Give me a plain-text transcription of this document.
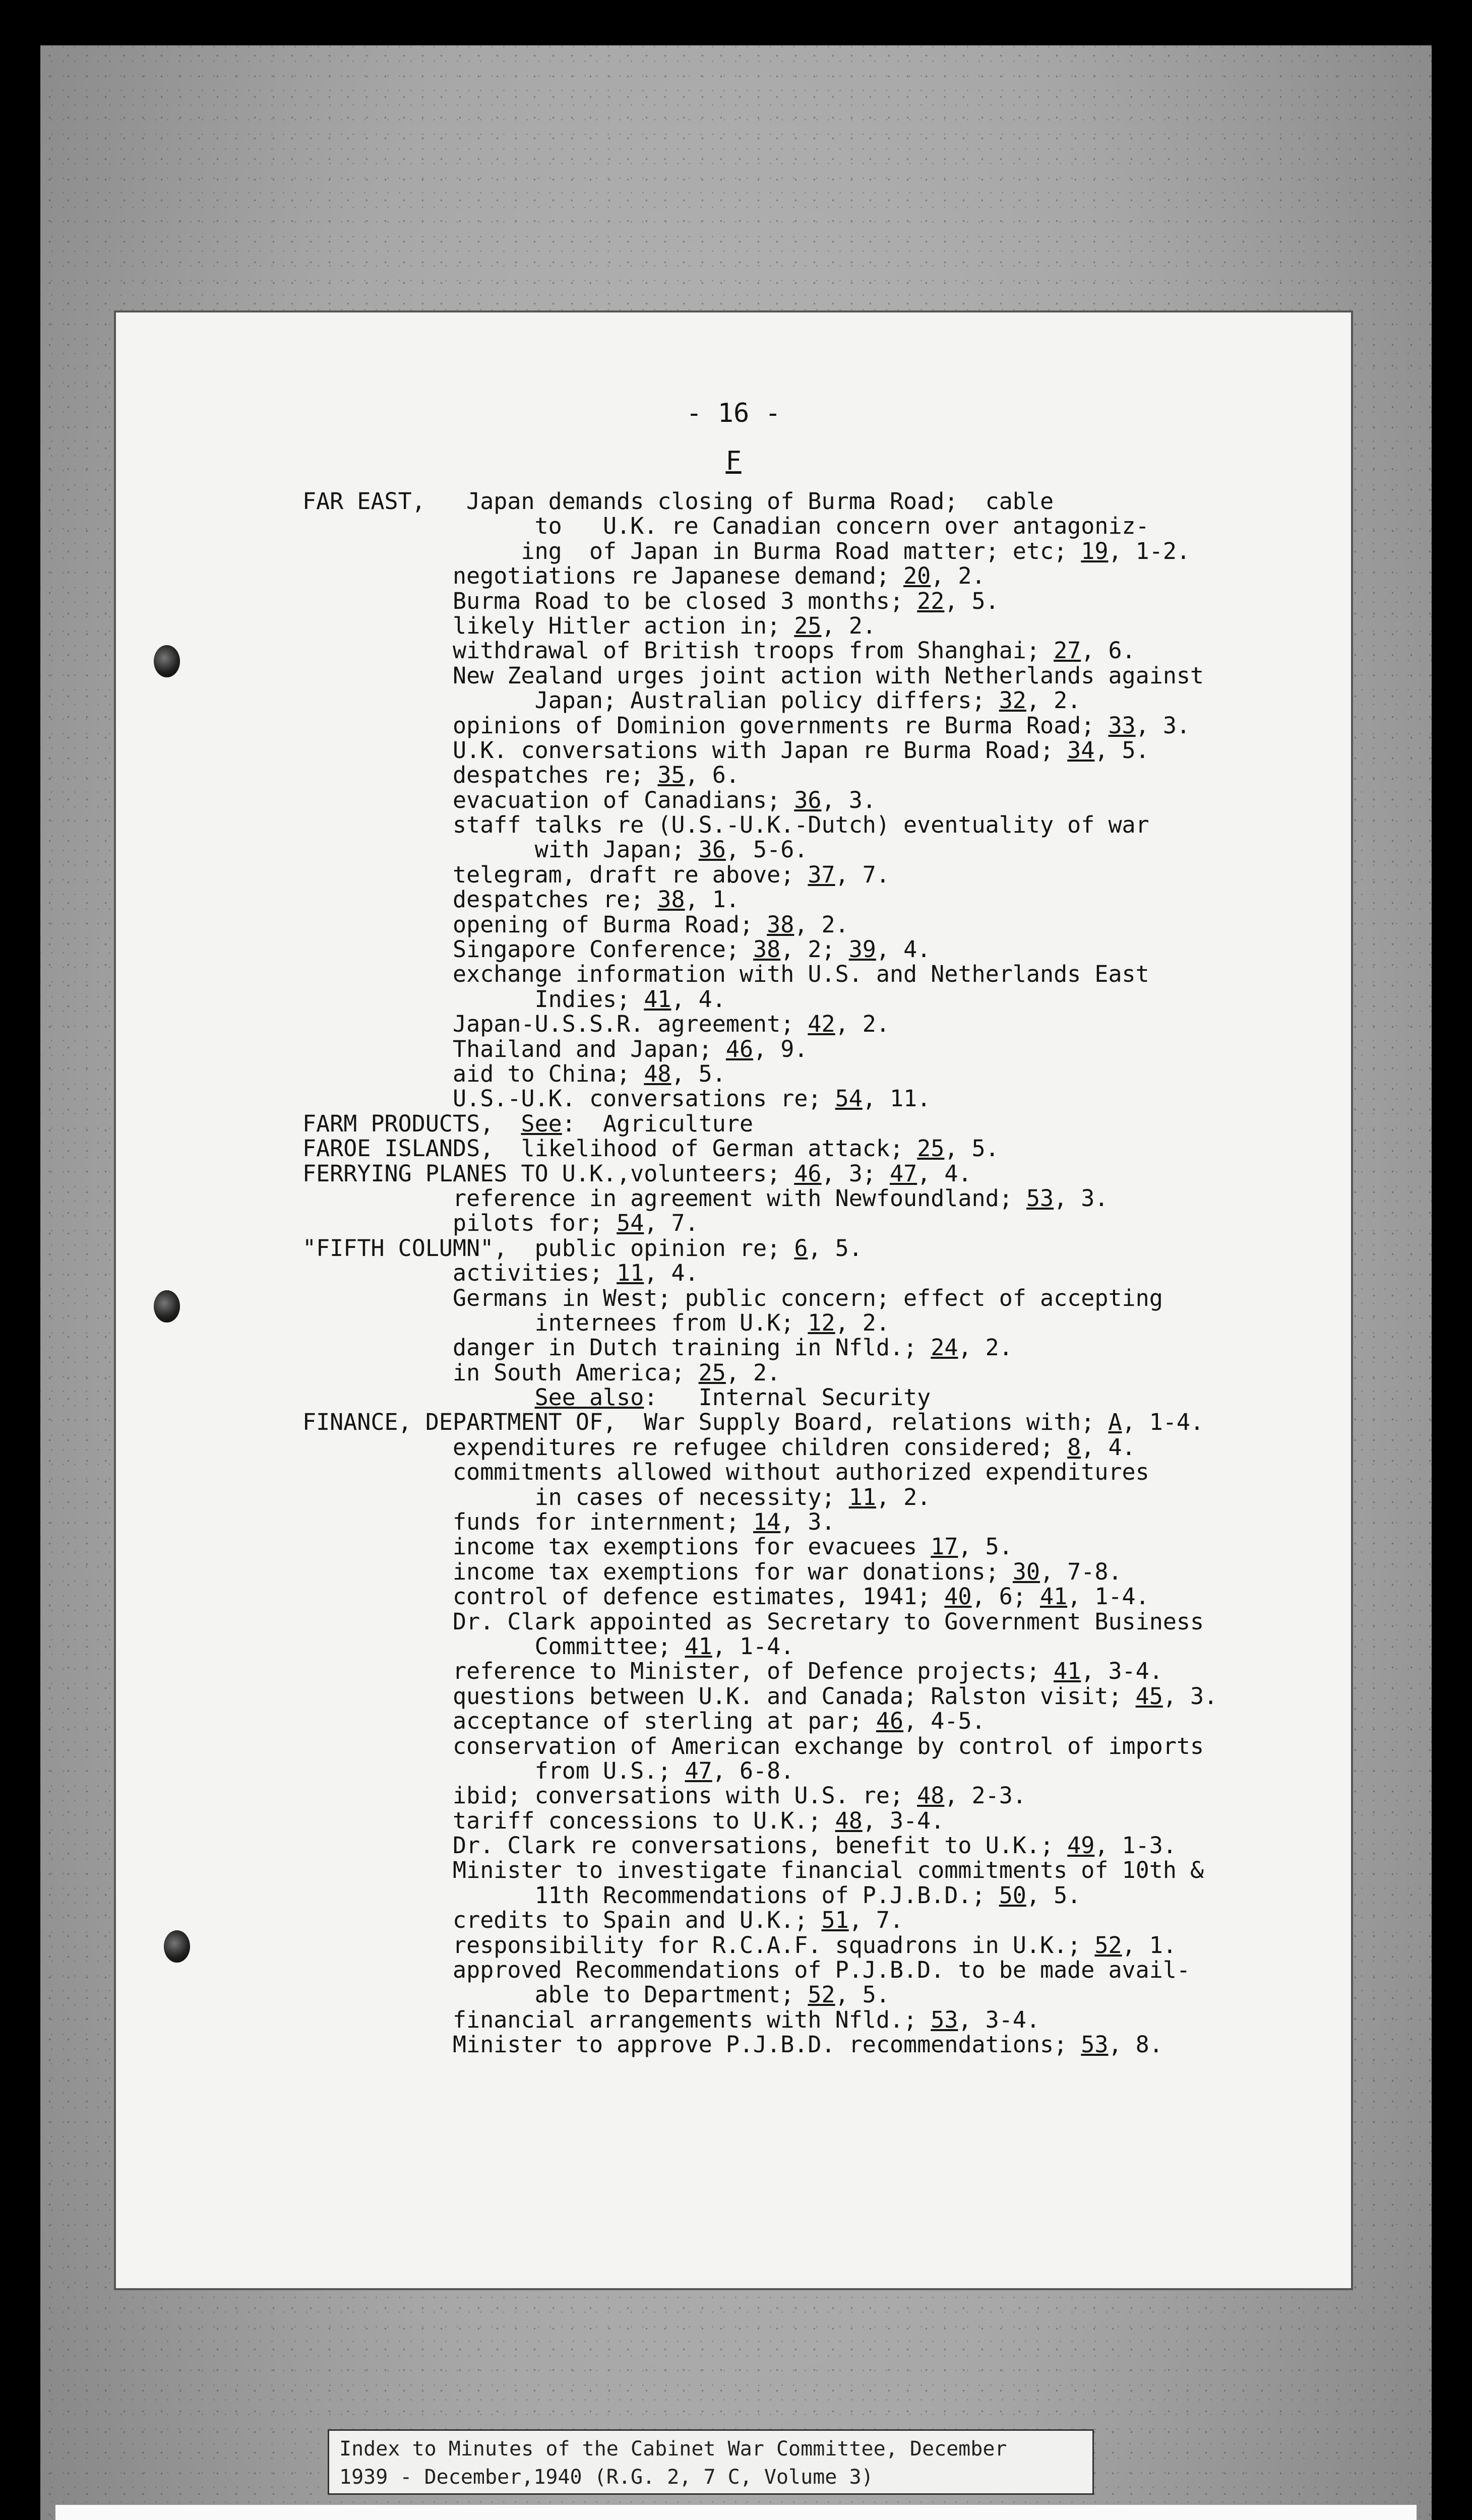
- 16 -
F
FAR EAST,   Japan demands closing of Burma Road;  cable
to   U.K. re Canadian concern over antagoniz-
ing  of Japan in Burma Road matter; etc; 19, 1-2.
negotiations re Japanese demand; 20, 2.
Burma Road to be closed 3 months; 22, 5.
likely Hitler action in; 25, 2.
withdrawal of British troops from Shanghai; 27, 6.
New Zealand urges joint action with Netherlands against
Japan; Australian policy differs; 32, 2.
opinions of Dominion governments re Burma Road; 33, 3.
U.K. conversations with Japan re Burma Road; 34, 5.
despatches re; 35, 6.
evacuation of Canadians; 36, 3.
staff talks re (U.S.-U.K.-Dutch) eventuality of war
with Japan; 36, 5-6.
telegram, draft re above; 37, 7.
despatches re; 38, 1.
opening of Burma Road; 38, 2.
Singapore Conference; 38, 2; 39, 4.
exchange information with U.S. and Netherlands East
Indies; 41, 4.
Japan-U.S.S.R. agreement; 42, 2.
Thailand and Japan; 46, 9.
aid to China; 48, 5.
U.S.-U.K. conversations re; 54, 11.
FARM PRODUCTS,  See:  Agriculture
FAROE ISLANDS,  likelihood of German attack; 25, 5.
FERRYING PLANES TO U.K.,volunteers; 46, 3; 47, 4.
reference in agreement with Newfoundland; 53, 3.
pilots for; 54, 7.
"FIFTH COLUMN",  public opinion re; 6, 5.
activities; 11, 4.
Germans in West; public concern; effect of accepting
internees from U.K; 12, 2.
danger in Dutch training in Nfld.; 24, 2.
in South America; 25, 2.
See also:   Internal Security
FINANCE, DEPARTMENT OF,  War Supply Board, relations with; A, 1-4.
expenditures re refugee children considered; 8, 4.
commitments allowed without authorized expenditures
in cases of necessity; 11, 2.
funds for internment; 14, 3.
income tax exemptions for evacuees 17, 5.
income tax exemptions for war donations; 30, 7-8.
control of defence estimates, 1941; 40, 6; 41, 1-4.
Dr. Clark appointed as Secretary to Government Business
Committee; 41, 1-4.
reference to Minister, of Defence projects; 41, 3-4.
questions between U.K. and Canada; Ralston visit; 45, 3.
acceptance of sterling at par; 46, 4-5.
conservation of American exchange by control of imports
from U.S.; 47, 6-8.
ibid; conversations with U.S. re; 48, 2-3.
tariff concessions to U.K.; 48, 3-4.
Dr. Clark re conversations, benefit to U.K.; 49, 1-3.
Minister to investigate financial commitments of 10th &
11th Recommendations of P.J.B.D.; 50, 5.
credits to Spain and U.K.; 51, 7.
responsibility for R.C.A.F. squadrons in U.K.; 52, 1.
approved Recommendations of P.J.B.D. to be made avail-
able to Department; 52, 5.
financial arrangements with Nfld.; 53, 3-4.
Minister to approve P.J.B.D. recommendations; 53, 8.
Index to Minutes of the Cabinet War Committee, December
1939 - December,1940 (R.G. 2, 7 C, Volume 3)
